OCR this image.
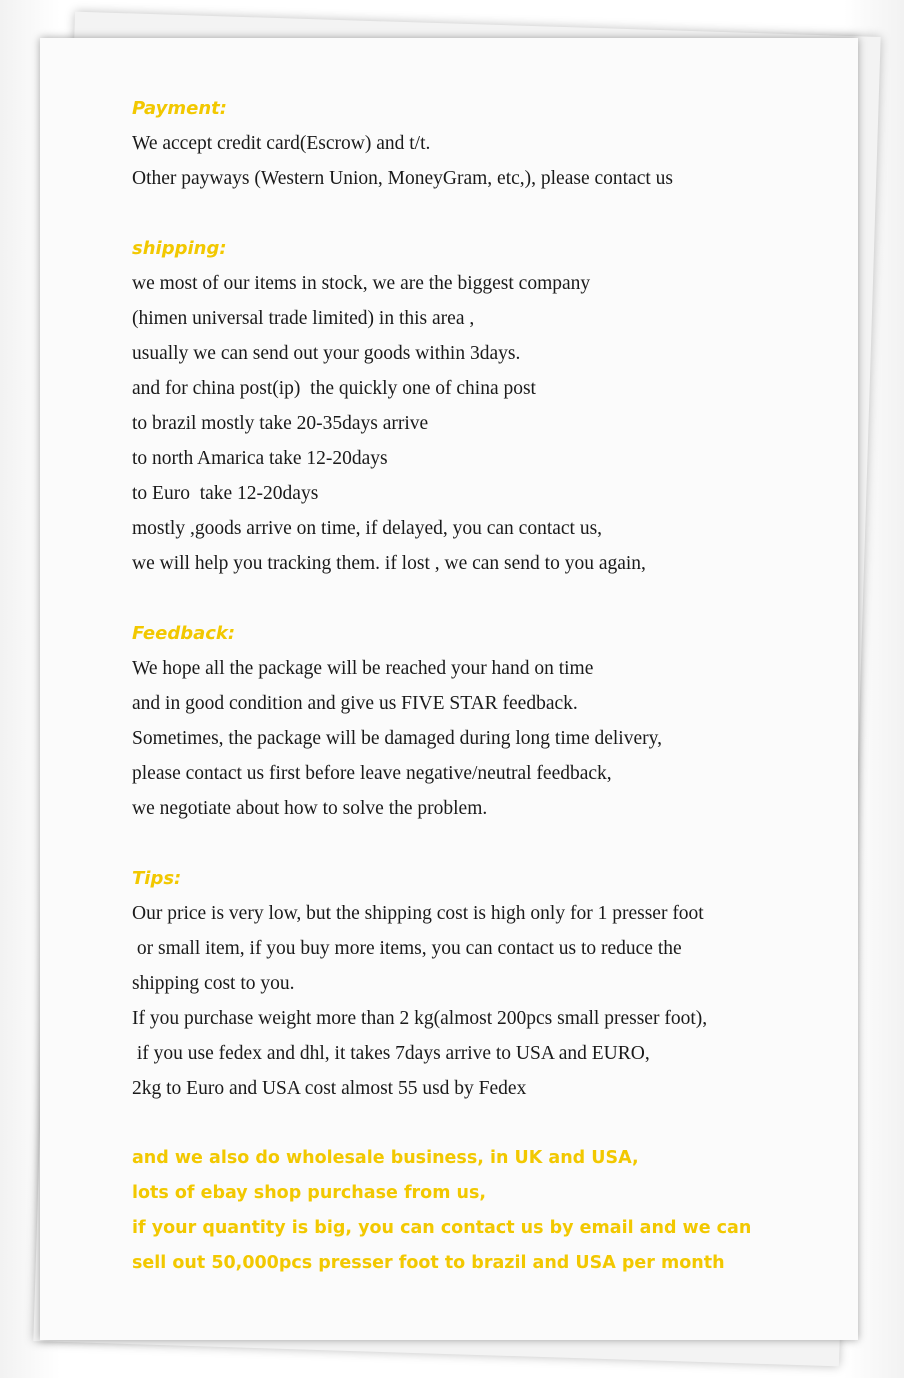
Payment:
We accept credit card(Escrow) and t/t.
Other payways (Western Union, MoneyGram, etc,), please contact us
shipping:
we most of our items in stock, we are the biggest company
(himen universal trade limited) in this area ,
usually we can send out your goods within 3days.
and for china post(ip)  the quickly one of china post
to brazil mostly take 20-35days arrive
to north Amarica take 12-20days
to Euro  take 12-20days
mostly ,goods arrive on time, if delayed, you can contact us,
we will help you tracking them. if lost , we can send to you again,
Feedback:
We hope all the package will be reached your hand on time
and in good condition and give us FIVE STAR feedback.
Sometimes, the package will be damaged during long time delivery,
please contact us first before leave negative/neutral feedback,
we negotiate about how to solve the problem.
Tips:
Our price is very low, but the shipping cost is high only for 1 presser foot
or small item, if you buy more items, you can contact us to reduce the
shipping cost to you.
If you purchase weight more than 2 kg(almost 200pcs small presser foot),
if you use fedex and dhl, it takes 7days arrive to USA and EURO,
2kg to Euro and USA cost almost 55 usd by Fedex
and we also do wholesale business, in UK and USA,
lots of ebay shop purchase from us,
if your quantity is big, you can contact us by email and we can
sell out 50,000pcs presser foot to brazil and USA per month
